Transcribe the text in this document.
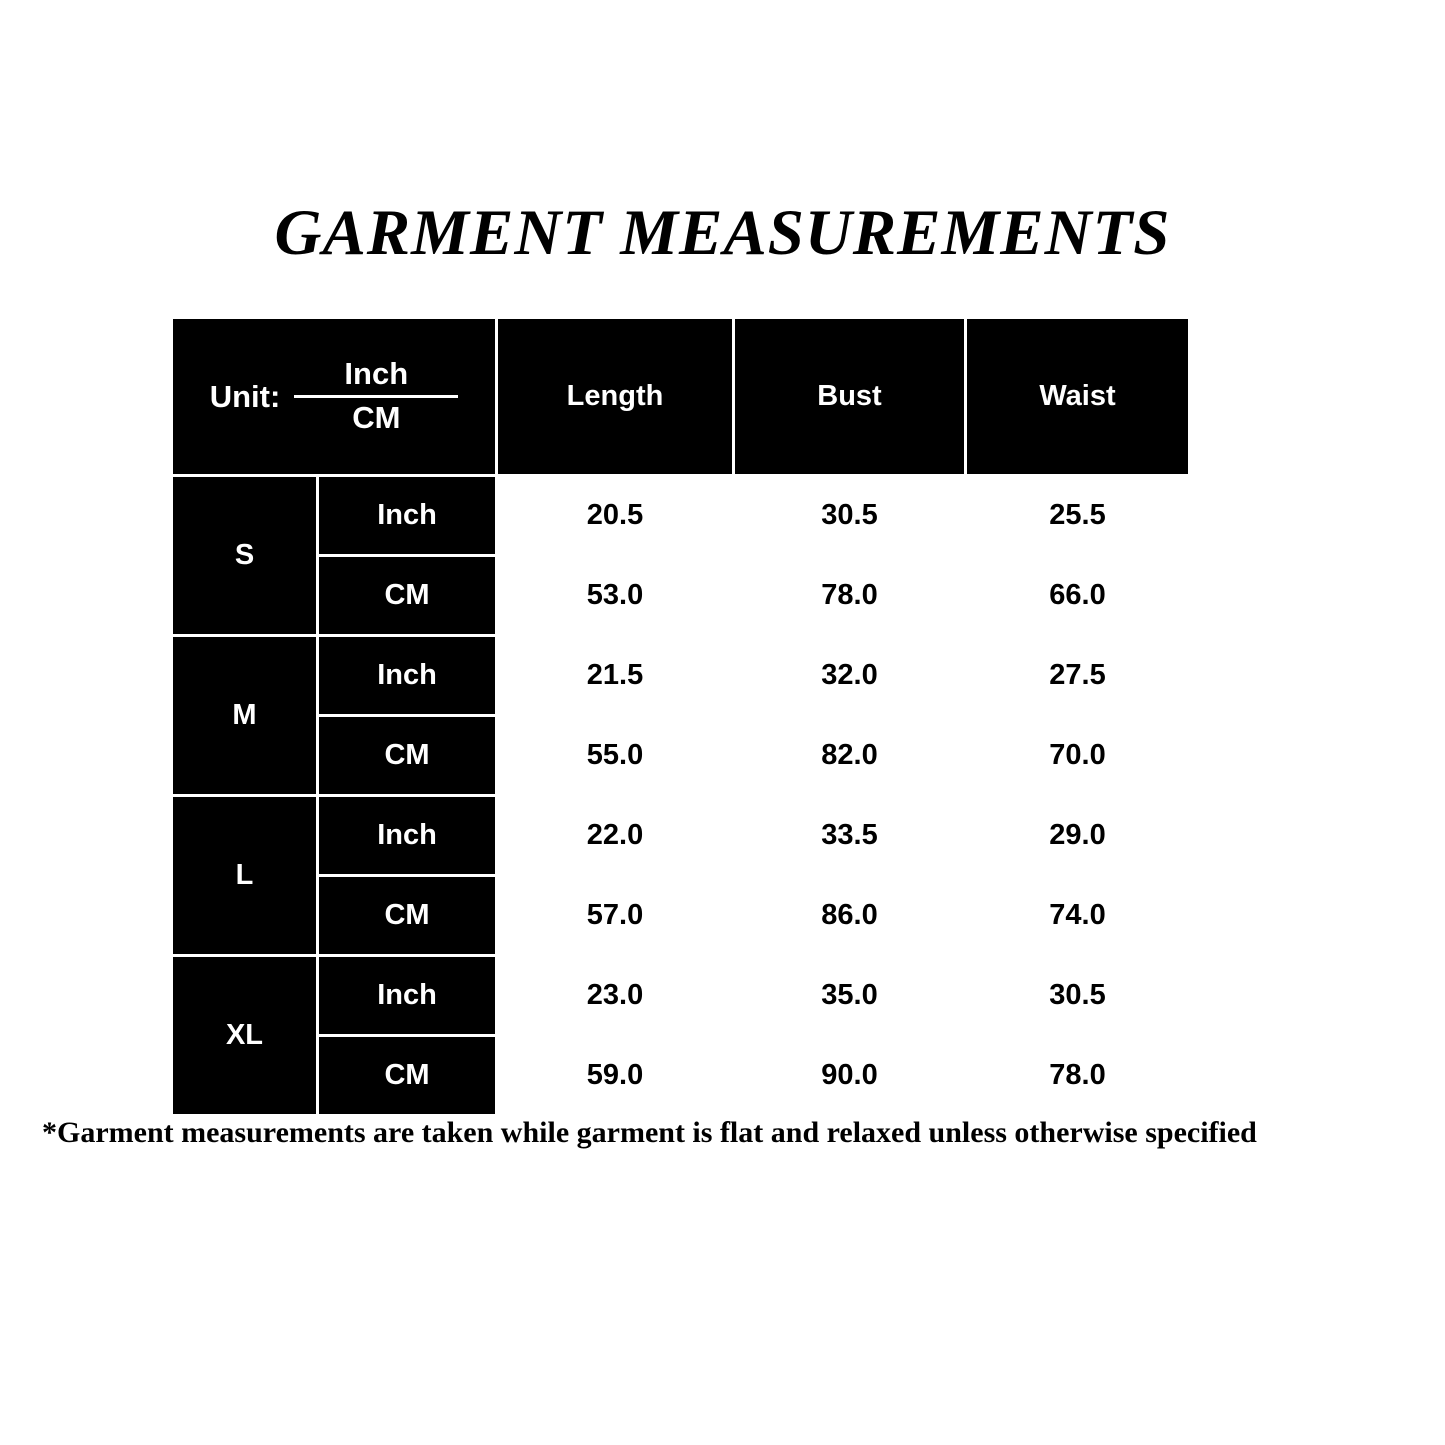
GARMENT MEASUREMENTS
Unit: $\frac{\text{Inch}}{CM}$		Length	Bust	Waist
S	Inch	20.5	30.5	25.5
	CM	53.0	78.0	66.0
M	Inch	21.5	32.0	27.5
	CM	55.0	82.0	70.0
L	Inch	22.0	33.5	29.0
	CM	57.0	86.0	74.0
XL	Inch	23.0	35.0	30.5
	CM	59.0	90.0	78.0
*Garment measurements are taken while garment is flat and relaxed unless otherwise specified
